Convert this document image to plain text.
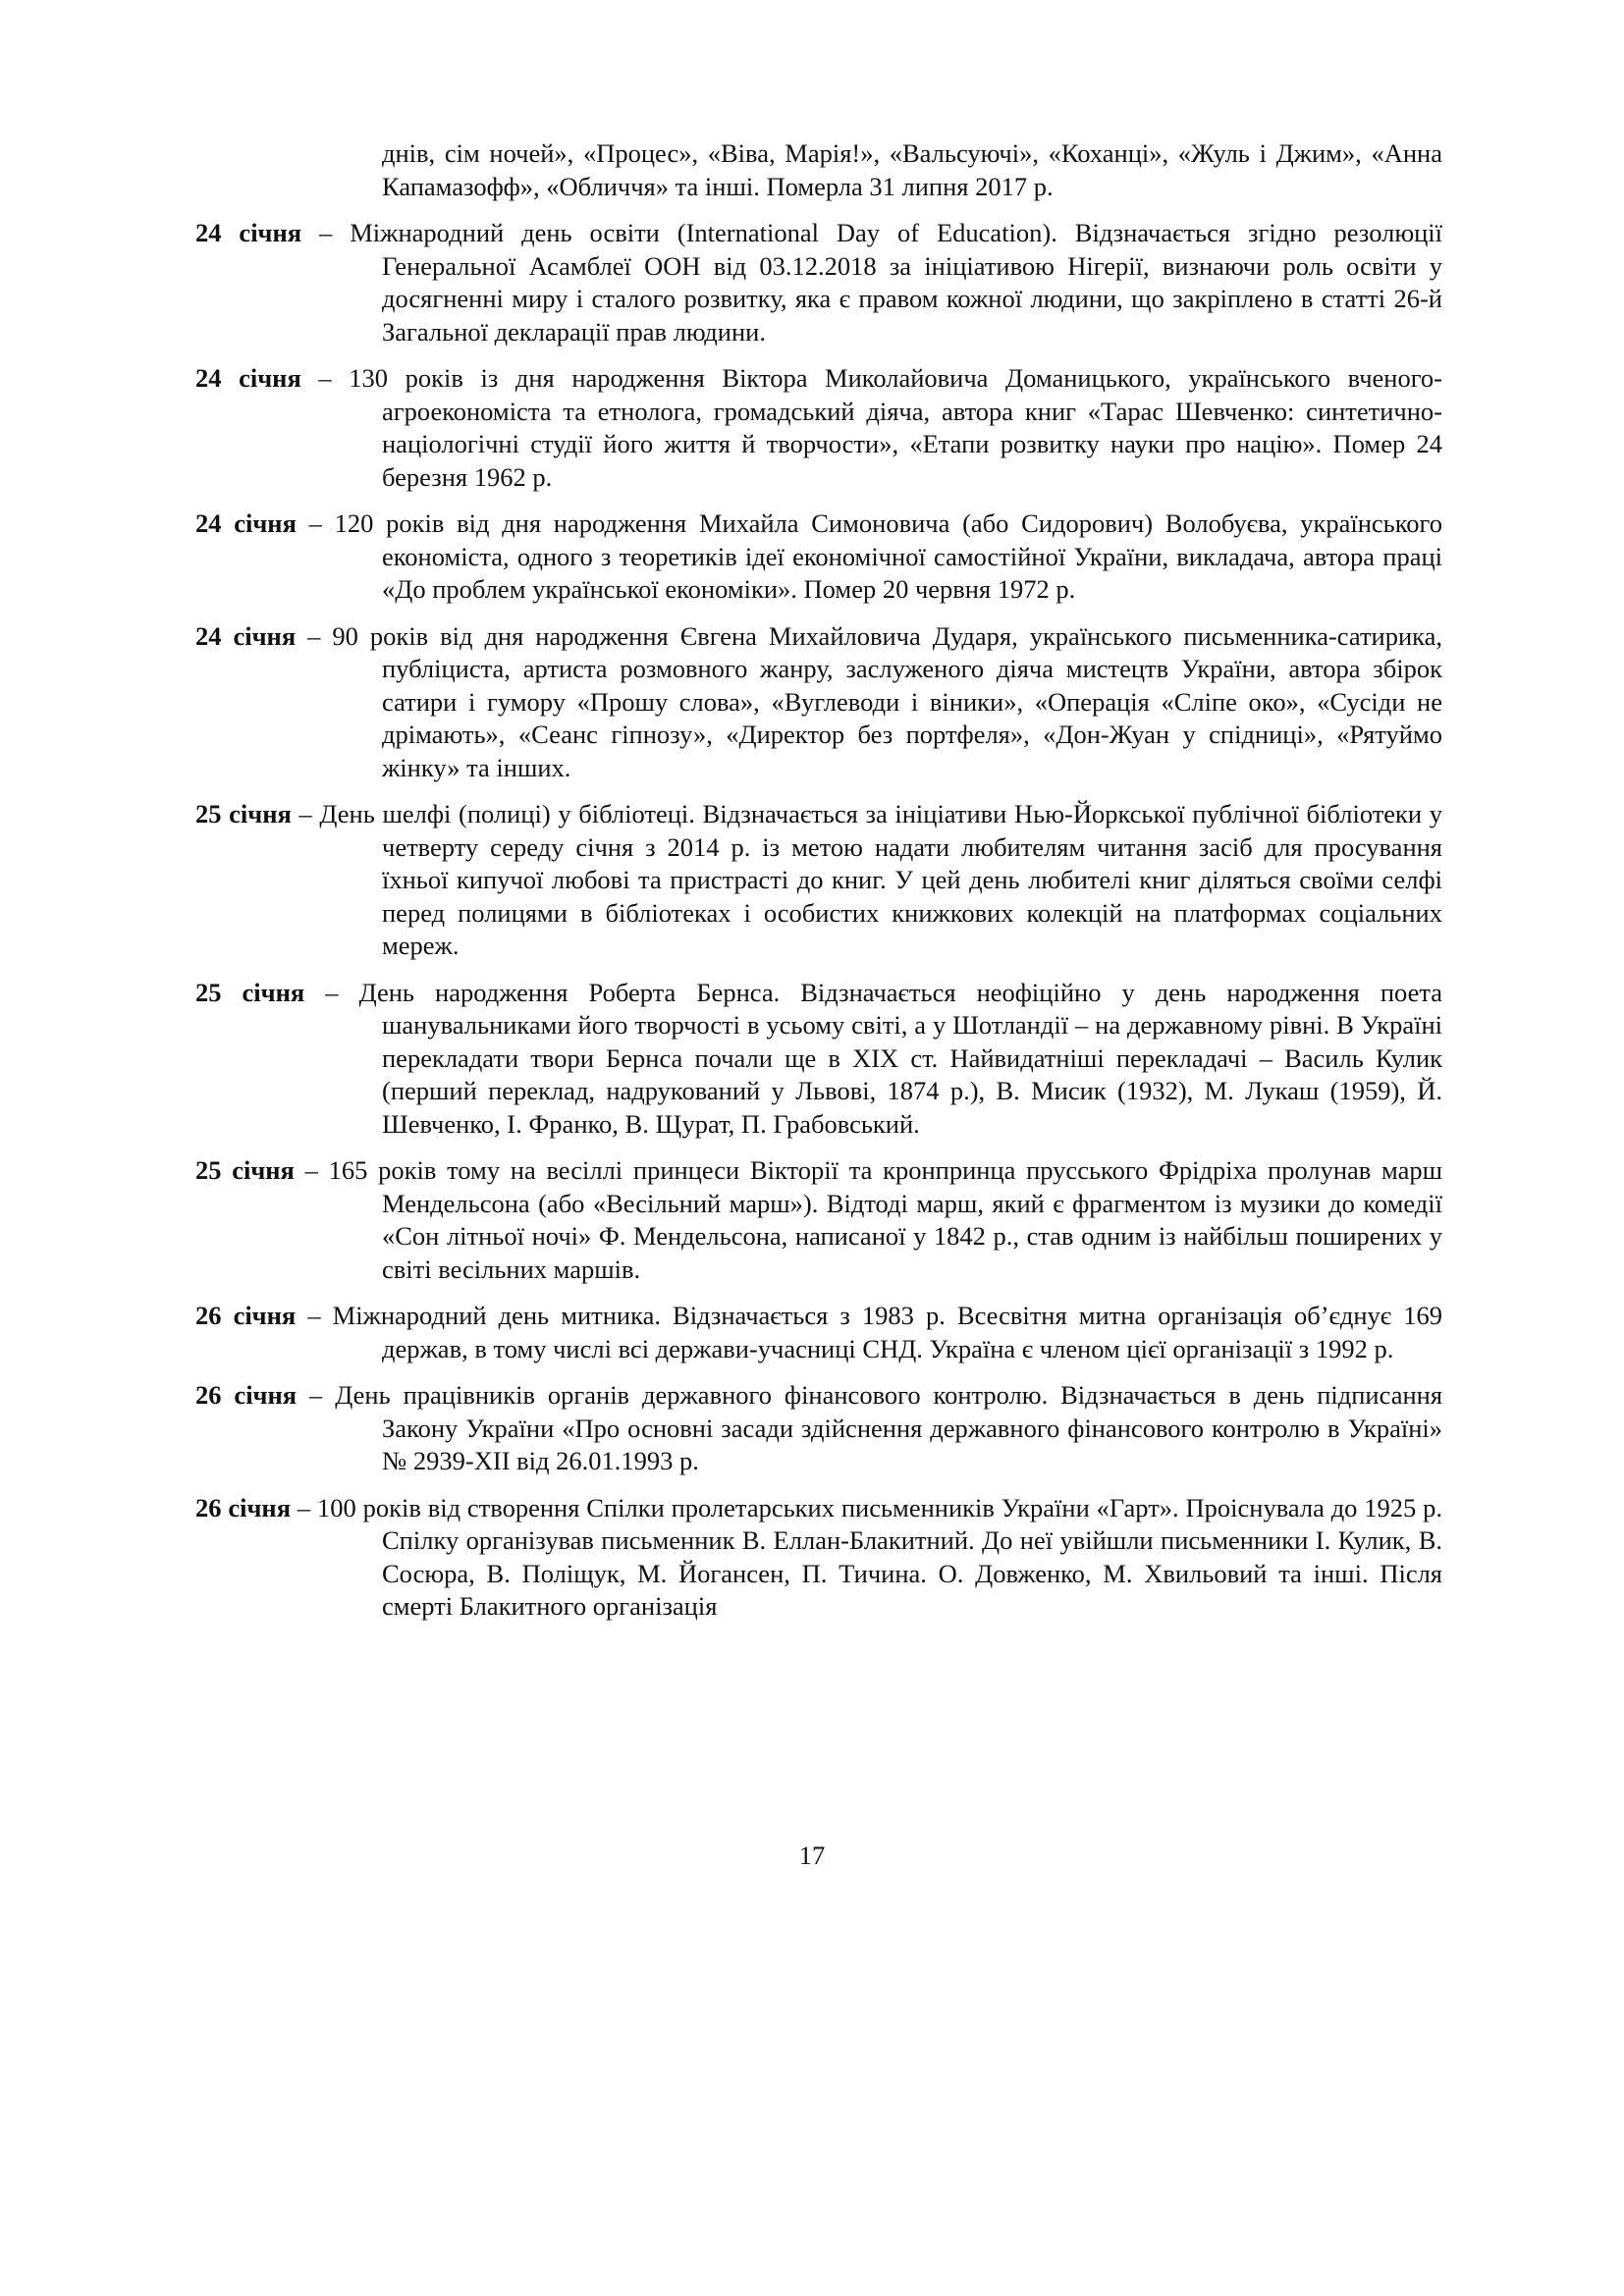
днів, сім ночей», «Процес», «Віва, Марія!», «Вальсуючі», «Коханці», «Жуль і Джим», «Анна Капамазофф», «Обличчя» та інші. Померла 31 липня 2017 р.

24 січня – Міжнародний день освіти (International Day of Education). Відзначається згідно резолюції Генеральної Асамблеї ООН від 03.12.2018 за ініціативою Нігерії, визнаючи роль освіти у досягненні миру і сталого розвитку, яка є правом кожної людини, що закріплено в статті 26-й Загальної декларації прав людини.

24 січня – 130 років із дня народження Віктора Миколайовича Доманицького, українського вченого-агроекономіста та етнолога, громадський діяча, автора книг «Тарас Шевченко: синтетично-націологічні студії його життя й творчости», «Етапи розвитку науки про націю». Помер 24 березня 1962 р.

24 січня – 120 років від дня народження Михайла Симоновича (або Сидорович) Волобуєва, українського економіста, одного з теоретиків ідеї економічної самостійної України, викладача, автора праці «До проблем української економіки». Помер 20 червня 1972 р.

24 січня – 90 років від дня народження Євгена Михайловича Дударя, українського письменника-сатирика, публіциста, артиста розмовного жанру, заслуженого діяча мистецтв України, автора збірок сатири і гумору «Прошу слова», «Вуглеводи і віники», «Операція «Сліпе око», «Сусіди не дрімають», «Сеанс гіпнозу», «Директор без портфеля», «Дон-Жуан у спідниці», «Рятуймо жінку» та інших.

25 січня – День шелфі (полиці) у бібліотеці. Відзначається за ініціативи Нью-Йоркської публічної бібліотеки у четверту середу січня з 2014 р. із метою надати любителям читання засіб для просування їхньої кипучої любові та пристрасті до книг. У цей день любителі книг діляться своїми селфі перед полицями в бібліотеках і особистих книжкових колекцій на платформах соціальних мереж.

25 січня – День народження Роберта Бернса. Відзначається неофіційно у день народження поета шанувальниками його творчості в усьому світі, а у Шотландії – на державному рівні. В Україні перекладати твори Бернса почали ще в XIX ст. Найвидатніші перекладачі – Василь Кулик (перший переклад, надрукований у Львові, 1874 р.), В. Мисик (1932), М. Лукаш (1959), Й. Шевченко, І. Франко, В. Щурат, П. Грабовський.

25 січня – 165 років тому на весіллі принцеси Вікторії та кронпринца прусського Фрідріха пролунав марш Мендельсона (або «Весільний марш»). Відтоді марш, який є фрагментом із музики до комедії «Сон літньої ночі» Ф. Мендельсона, написаної у 1842 р., став одним із найбільш поширених у світі весільних маршів.

26 січня – Міжнародний день митника. Відзначається з 1983 р. Всесвітня митна організація об’єднує 169 держав, в тому числі всі держави-учасниці СНД. Україна є членом цієї організації з 1992 р.

26 січня – День працівників органів державного фінансового контролю. Відзначається в день підписання Закону України «Про основні засади здійснення державного фінансового контролю в Україні» № 2939-XII від 26.01.1993 р.

26 січня – 100 років від створення Спілки пролетарських письменників України «Гарт». Проіснувала до 1925 р. Спілку організував письменник В. Еллан-Блакитний. До неї увійшли письменники І. Кулик, В. Сосюра, В. Поліщук, М. Йогансен, П. Тичина. О. Довженко, М. Хвильовий та інші. Після смерті Блакитного організація

17
